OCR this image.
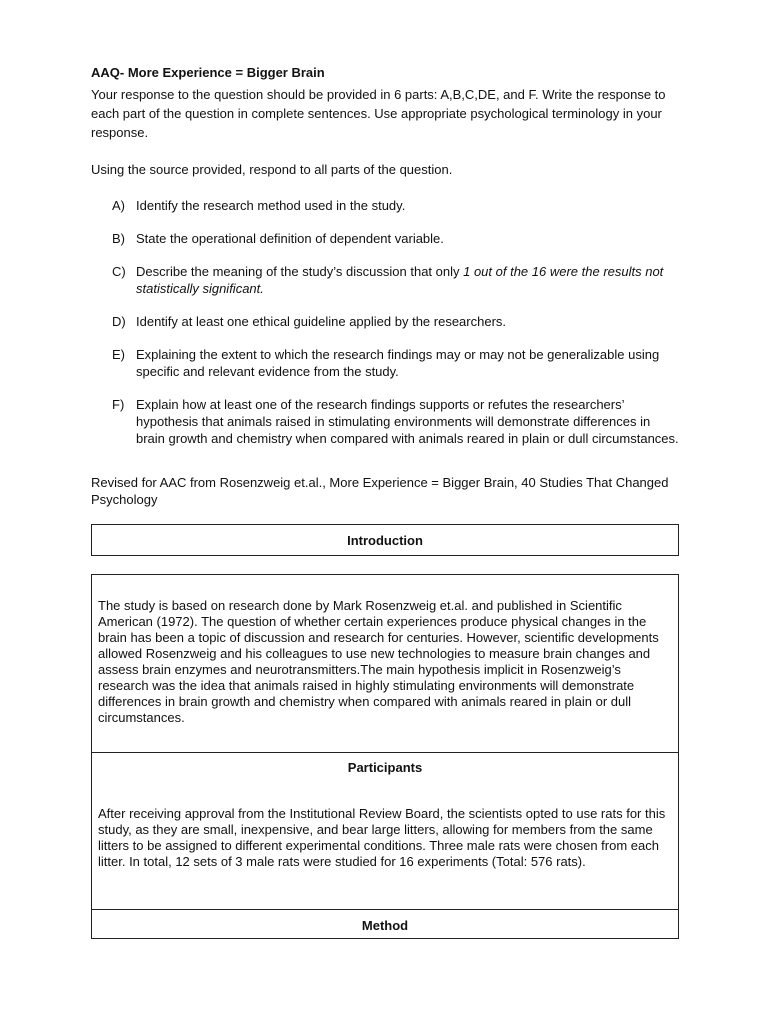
AAQ- More Experience = Bigger Brain
Your response to the question should be provided in 6 parts: A,B,C,DE, and F. Write the response to each part of the question in complete sentences. Use appropriate psychological terminology in your response.
Using the source provided, respond to all parts of the question.
A) Identify the research method used in the study.
B) State the operational definition of dependent variable.
C) Describe the meaning of the study’s discussion that only 1 out of the 16 were the results not statistically significant.
D) Identify at least one ethical guideline applied by the researchers.
E) Explaining the extent to which the research findings may or may not be generalizable using specific and relevant evidence from the study.
F) Explain how at least one of the research findings supports or refutes the researchers’ hypothesis that animals raised in stimulating environments will demonstrate differences in brain growth and chemistry when compared with animals reared in plain or dull circumstances.
Revised for AAC from Rosenzweig et.al., More Experience = Bigger Brain, 40 Studies That Changed Psychology
Introduction
The study is based on research done by Mark Rosenzweig et.al. and published in Scientific American (1972). The question of whether certain experiences produce physical changes in the brain has been a topic of discussion and research for centuries. However, scientific developments allowed Rosenzweig and his colleagues to use new technologies to measure brain changes and assess brain enzymes and neurotransmitters.The main hypothesis implicit in Rosenzweig’s research was the idea that animals raised in highly stimulating environments will demonstrate differences in brain growth and chemistry when compared with animals reared in plain or dull circumstances.
Participants
After receiving approval from the Institutional Review Board, the scientists opted to use rats for this study, as they are small, inexpensive, and bear large litters, allowing for members from the same litters to be assigned to different experimental conditions. Three male rats were chosen from each litter. In total, 12 sets of 3 male rats were studied for 16 experiments (Total: 576 rats).
Method
